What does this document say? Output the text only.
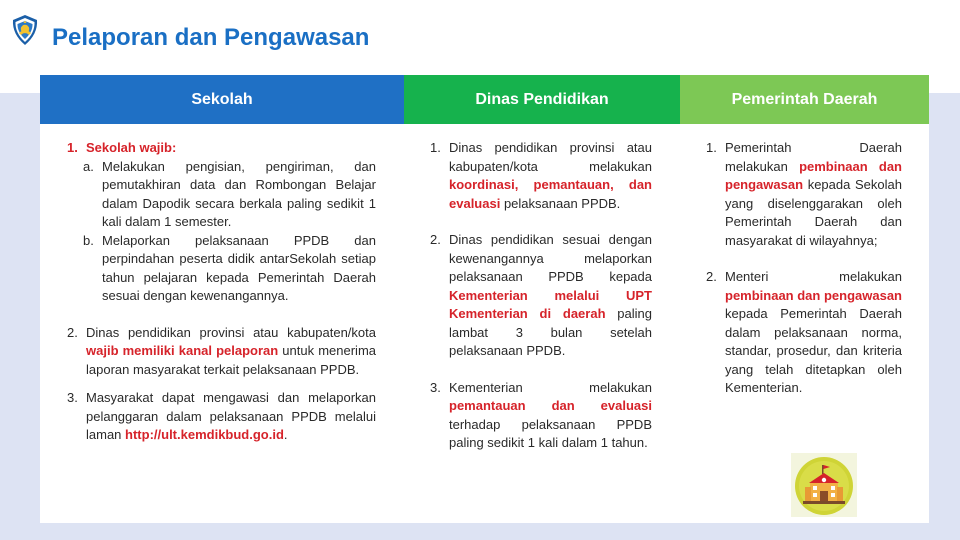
Pelaporan dan Pengawasan
Sekolah	Dinas Pendidikan	Pemerintah Daerah
1. Sekolah wajib:
a. Melakukan pengisian, pengiriman, dan pemutakhiran data dan Rombongan Belajar dalam Dapodik secara berkala paling sedikit 1 kali dalam 1 semester.
b. Melaporkan pelaksanaan PPDB dan perpindahan peserta didik antarSekolah setiap tahun pelajaran kepada Pemerintah Daerah sesuai dengan kewenangannya.
2. Dinas pendidikan provinsi atau kabupaten/kota wajib memiliki kanal pelaporan untuk menerima laporan masyarakat terkait pelaksanaan PPDB.
3. Masyarakat dapat mengawasi dan melaporkan pelanggaran dalam pelaksanaan PPDB melalui laman http://ult.kemdikbud.go.id.
1. Dinas pendidikan provinsi atau kabupaten/kota melakukan koordinasi, pemantauan, dan evaluasi pelaksanaan PPDB.
2. Dinas pendidikan sesuai dengan kewenangannya melaporkan pelaksanaan PPDB kepada Kementerian melalui UPT Kementerian di daerah paling lambat 3 bulan setelah pelaksanaan PPDB.
3. Kementerian melakukan pemantauan dan evaluasi terhadap pelaksanaan PPDB paling sedikit 1 kali dalam 1 tahun.
1. Pemerintah Daerah melakukan pembinaan dan pengawasan kepada Sekolah yang diselenggarakan oleh Pemerintah Daerah dan masyarakat di wilayahnya;
2. Menteri melakukan pembinaan dan pengawasan kepada Pemerintah Daerah dalam pelaksanaan norma, standar, prosedur, dan kriteria yang telah ditetapkan oleh Kementerian.
